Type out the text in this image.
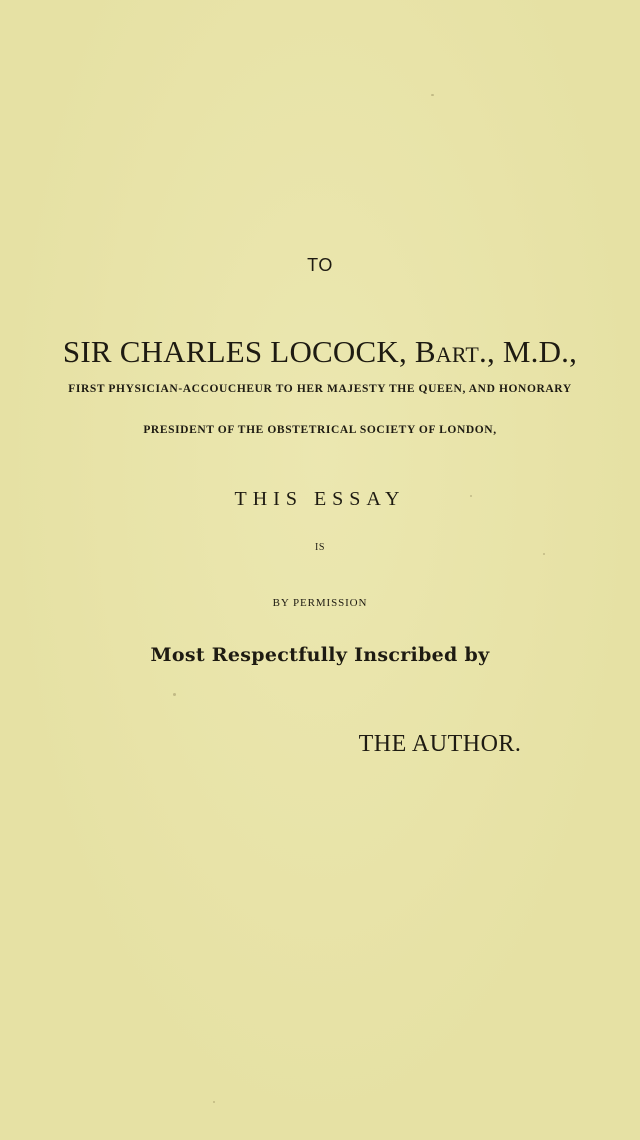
TO
SIR CHARLES LOCOCK, Bart., M.D.,
FIRST PHYSICIAN-ACCOUCHEUR TO HER MAJESTY THE QUEEN, AND HONORARY
PRESIDENT OF THE OBSTETRICAL SOCIETY OF LONDON,
THIS ESSAY
IS
BY PERMISSION
Most Respectfully Inscribed by
THE AUTHOR.
